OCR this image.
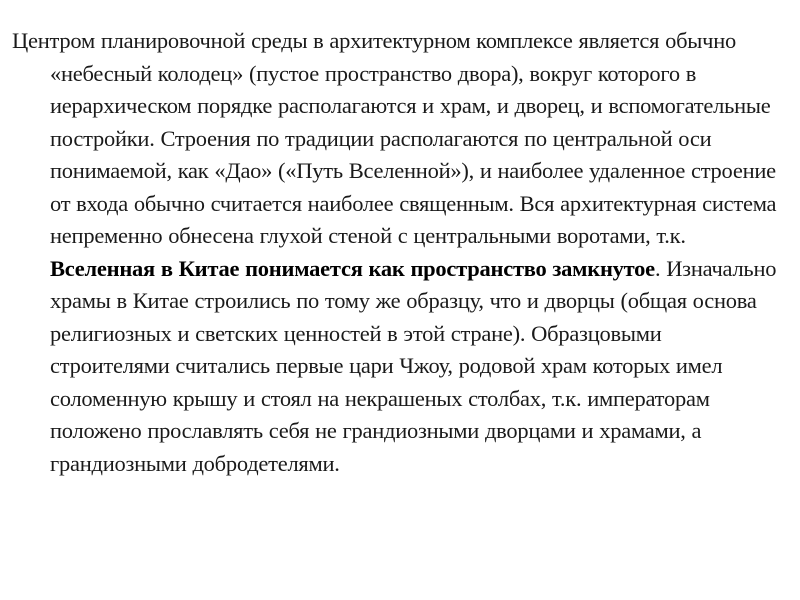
Центром планировочной среды в архитектурном комплексе является обычно «небесный колодец» (пустое пространство двора), вокруг которого в иерархическом порядке располагаются и храм, и дворец, и вспомогательные постройки. Строения по традиции располагаются по центральной оси понимаемой, как «Дао» («Путь Вселенной»), и наиболее удаленное строение от входа обычно считается наиболее священным. Вся архитектурная система непременно обнесена глухой стеной с центральными воротами, т.к. Вселенная в Китае понимается как пространство замкнутое. Изначально храмы в Китае строились по тому же образцу, что и дворцы (общая основа религиозных и светских ценностей в этой стране). Образцовыми строителями считались первые цари Чжоу, родовой храм которых имел соломенную крышу и стоял на некрашеных столбах, т.к. императорам положено прославлять себя не грандиозными дворцами и храмами, а грандиозными добродетелями.
